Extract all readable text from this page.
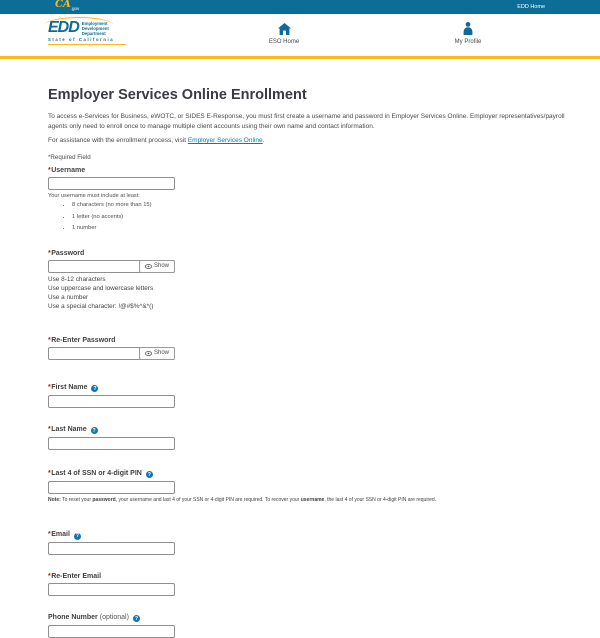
$CA_{.gov}$	EDD Home
EDD Employment
Development
Department
State of California	ESO Home	My Profile
Employer Services Online Enrollment

To access e-Services for Business, eWOTC, or SIDES E-Response, you must first create a username and password in Employer Services Online. Employer representatives/payroll agents only need to enroll once to manage multiple client accounts using their own name and contact information.

For assistance with the enrollment process, visit Employer Services Online.

*Required Field
*Username
Your username must include at least:
• 8 characters (no more than 15)
• 1 letter (no accents)
• 1 number
*Password
Show
Use 8-12 characters
Use uppercase and lowercase letters
Use a number
Use a special character: !@#$%^&*()
*Re-Enter Password
Show
*First Name ?
*Last Name ?
*Last 4 of SSN or 4-digit PIN ?

Note: To reset your password, your username and last 4 of your SSN or 4-digit PIN are required. To recover your username, the last 4 of your SSN or 4-digit PIN are required.

*Email ?
*Re-Enter Email
Phone Number (optional) ?
